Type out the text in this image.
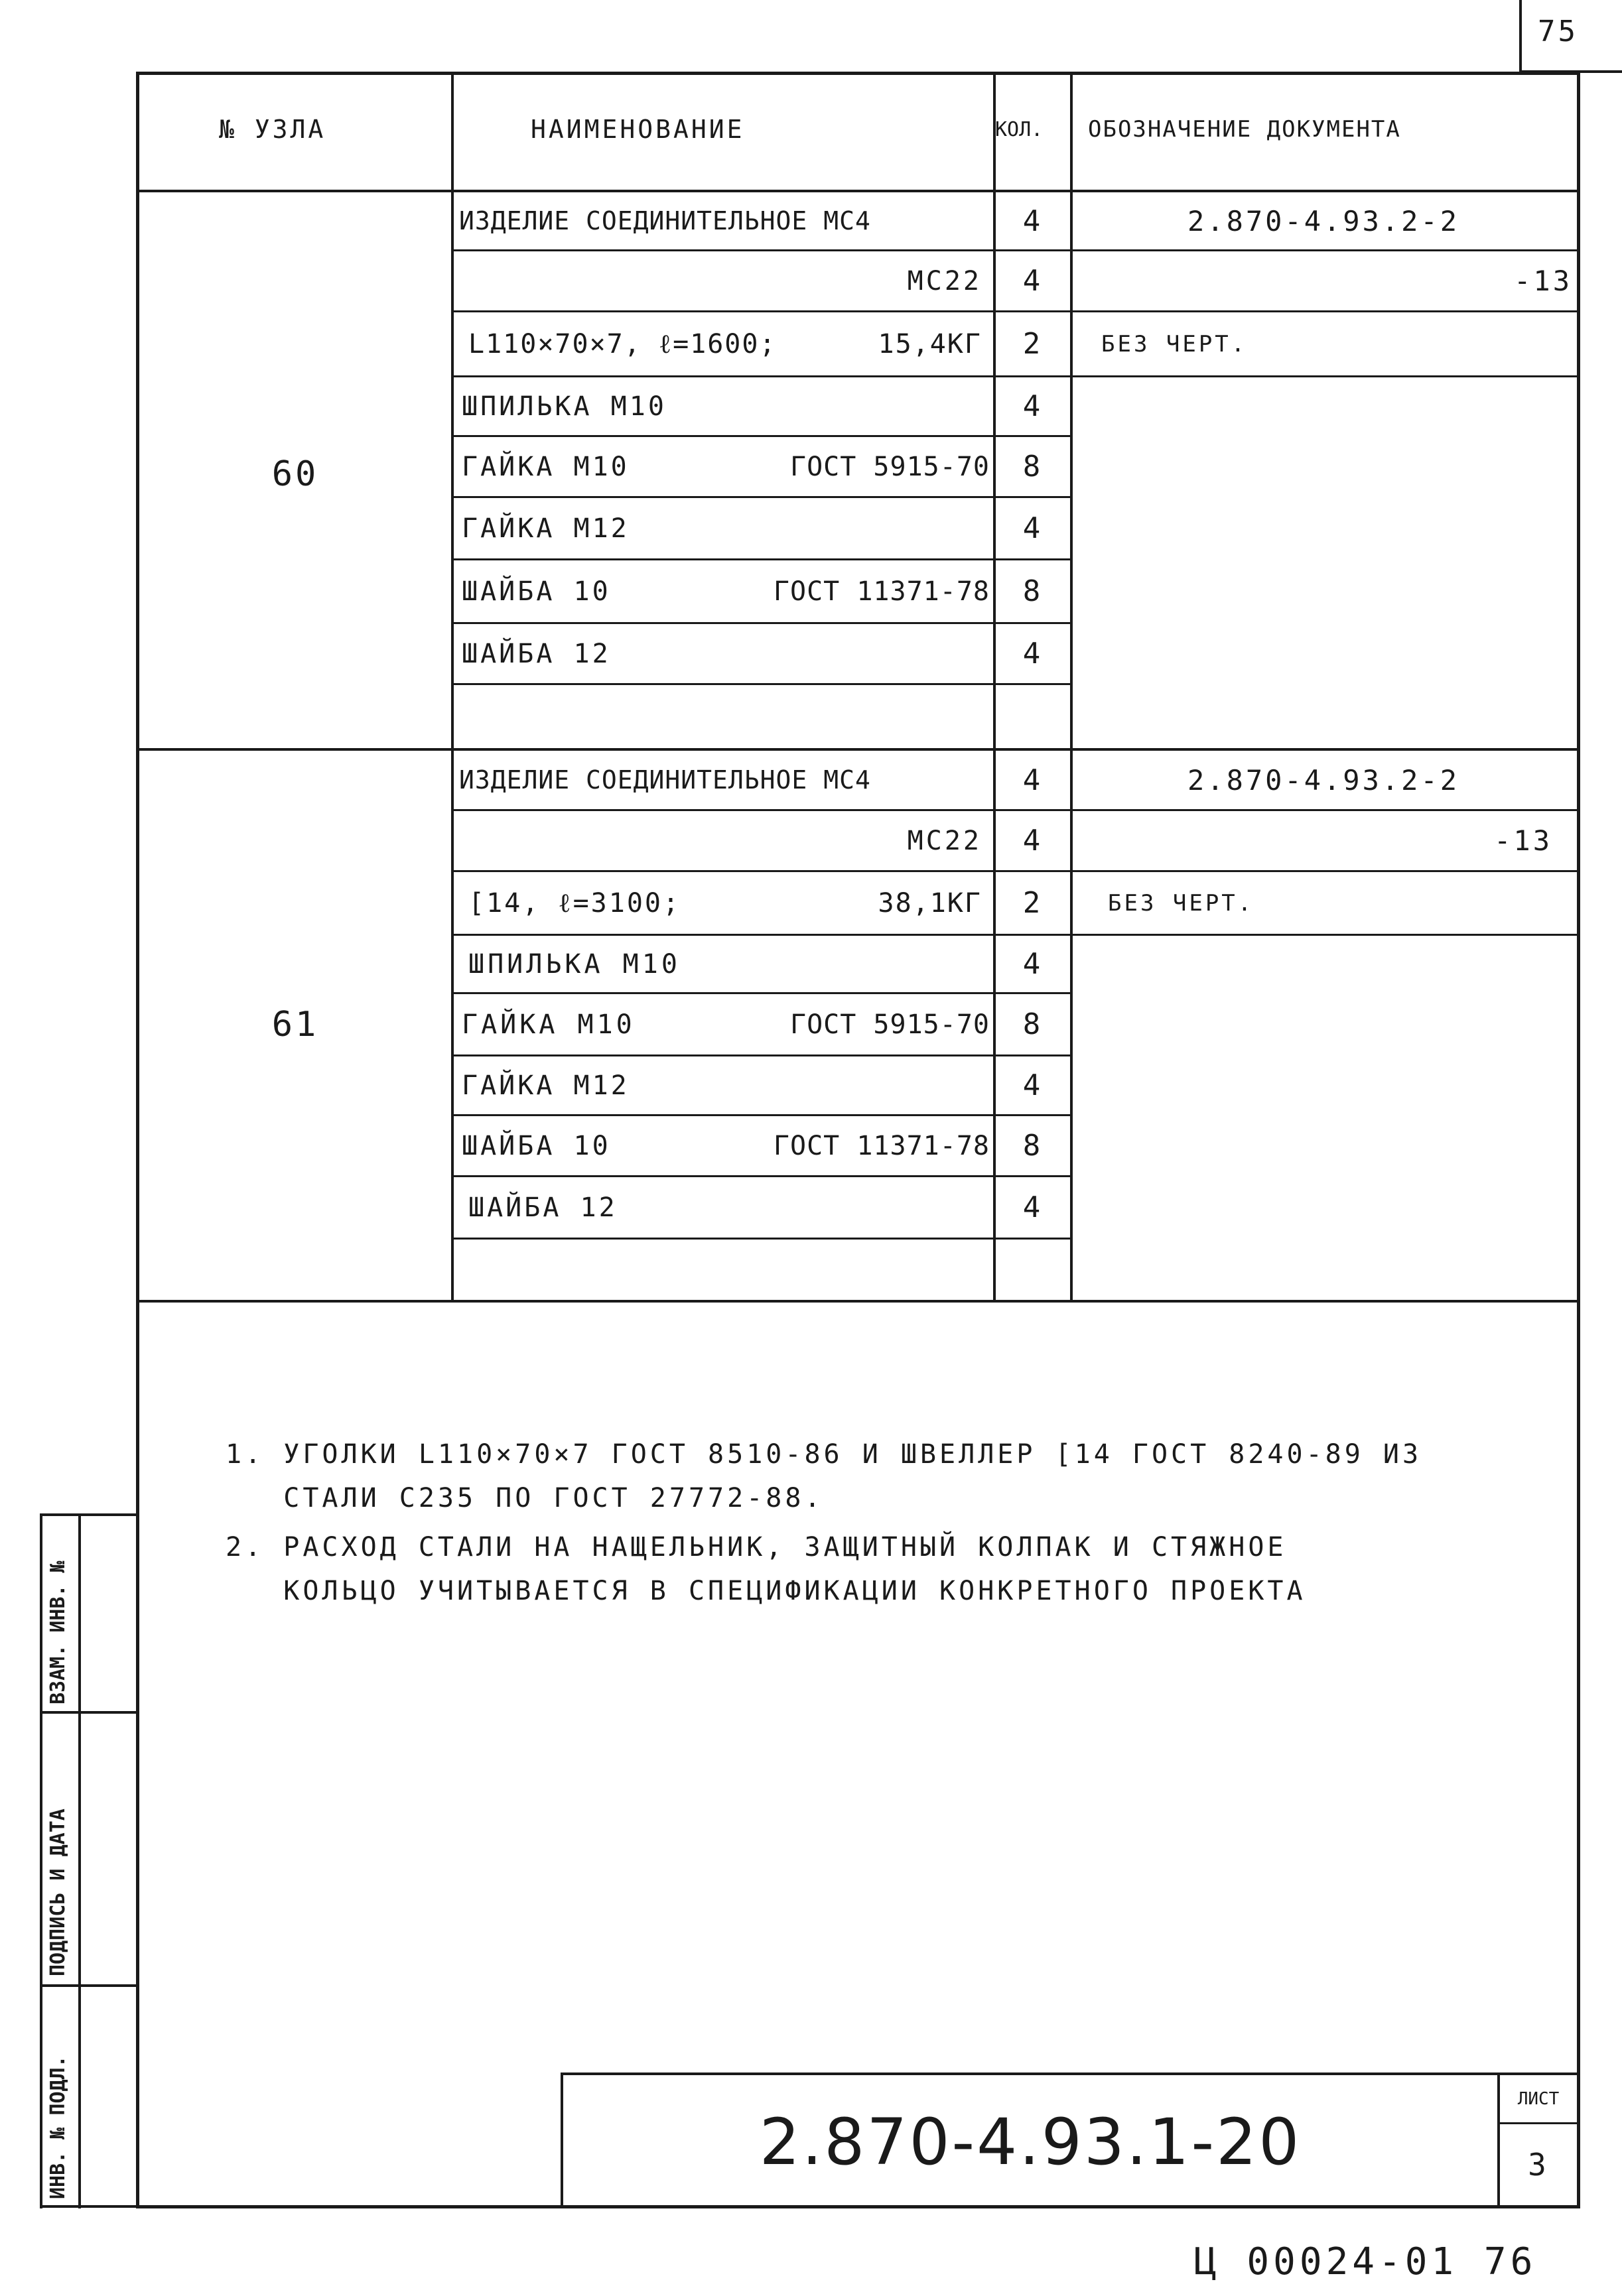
75
№ УЗЛА	НАИМЕНОВАНИЕ	КОЛ. ОБОЗНАЧЕНИЕ ДОКУМЕНТА
60
ИЗДЕЛИЕ СОЕДИНИТЕЛЬНОЕ МС4	4	2.870-4.93.2-2
МС22	4	-13
L110×70×7, ℓ=1600;	15,4КГ	2	БЕЗ ЧЕРТ.
ШПИЛЬКА М10	4
ГАЙКА М10	ГОСТ 5915-70	8
ГАЙКА М12	4
ШАЙБА 10	ГОСТ 11371-78	8
ШАЙБА 12	4
61
ИЗДЕЛИЕ СОЕДИНИТЕЛЬНОЕ МС4	4	2.870-4.93.2-2
МС22	4	-13
[14, ℓ=3100;	38,1КГ	2	БЕЗ ЧЕРТ.
ШПИЛЬКА М10	4
ГАЙКА М10	ГОСТ 5915-70	8
ГАЙКА М12	4
ШАЙБА 10	ГОСТ 11371-78	8
ШАЙБА 12	4
1. УГОЛКИ L110×70×7 ГОСТ 8510-86 И ШВЕЛЛЕР [14 ГОСТ 8240-89 ИЗ
СТАЛИ С235 ПО ГОСТ 27772-88.
2. РАСХОД СТАЛИ НА НАЩЕЛЬНИК, ЗАЩИТНЫЙ КОЛПАК И СТЯЖНОЕ
КОЛЬЦО УЧИТЫВАЕТСЯ В СПЕЦИФИКАЦИИ КОНКРЕТНОГО ПРОЕКТА
ВЗАМ. ИНВ. №
ПОДПИСЬ И ДАТА
ИНВ. № ПОДЛ.	2.870-4.93.1-20
ЛИСТ
3
Ц 00024-01 76
